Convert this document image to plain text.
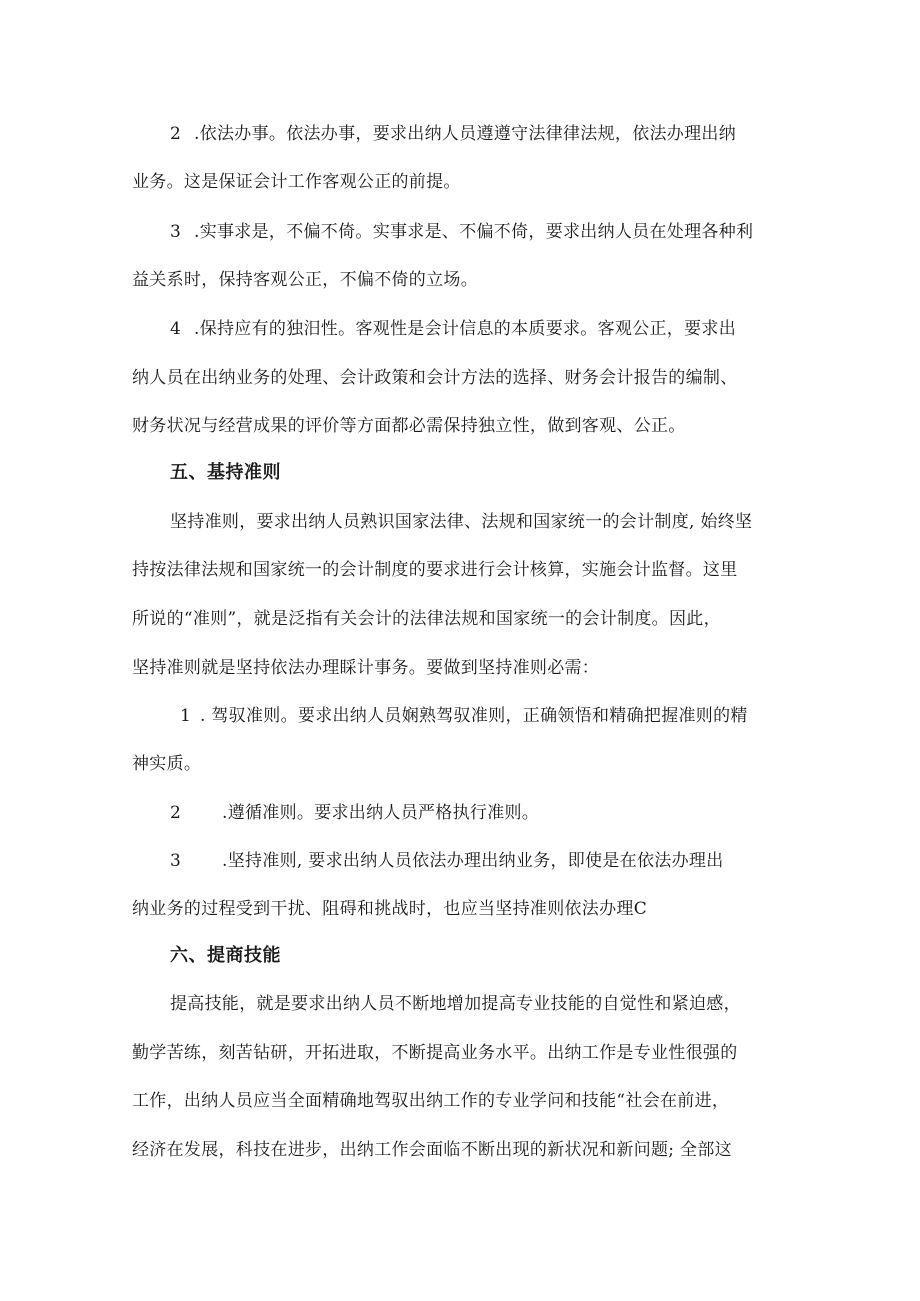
2 .依法办事。依法办事，要求出纳人员遵遵守法律律法规，依法办理出纳
业务。这是保证会计工作客观公正的前提。
3 .实事求是，不偏不倚。实事求是、不偏不倚，要求出纳人员在处理各种利
益关系时，保持客观公正，不偏不倚的立场。
4 .保持应有的独汨性。客观性是会计信息的本质要求。客观公正，要求出
纳人员在出纳业务的处理、会计政策和会计方法的选择、财务会计报告的编制、
财务状况与经营成果的评价等方面都必需保持独立性，做到客观、公正。
五、基持准则
坚持准则，要求出纳人员熟识国家法律、法规和国家统一的会计制度, 始终坚
持按法律法规和国家统一的会计制度的要求进行会计核算，实施会计监督。这里
所说的“准则”，就是泛指有关会计的法律法规和国家统一的会计制度。因此，
坚持准则就是坚持依法办理睬计事务。要做到坚持准则必需：
1 . 驾驭准则。要求出纳人员娴熟驾驭准则，正确领悟和精确把握准则的精
神实质。
2 .遵循准则。要求出纳人员严格执行准则。
3 .坚持准则, 要求出纳人员依法办理出纳业务，即使是在依法办理出
纳业务的过程受到干扰、阻碍和挑战时，也应当坚持准则依法办理C
六、提商技能
提高技能，就是要求出纳人员不断地增加提高专业技能的自觉性和紧迫感，
勤学苦练，刻苦钻研，开拓进取，不断提高业务水平。出纳工作是专业性很强的
工作，出纳人员应当全面精确地驾驭出纳工作的专业学问和技能“社会在前进，
经济在发展，科技在进步，出纳工作会面临不断出现的新状况和新问题; 全部这
